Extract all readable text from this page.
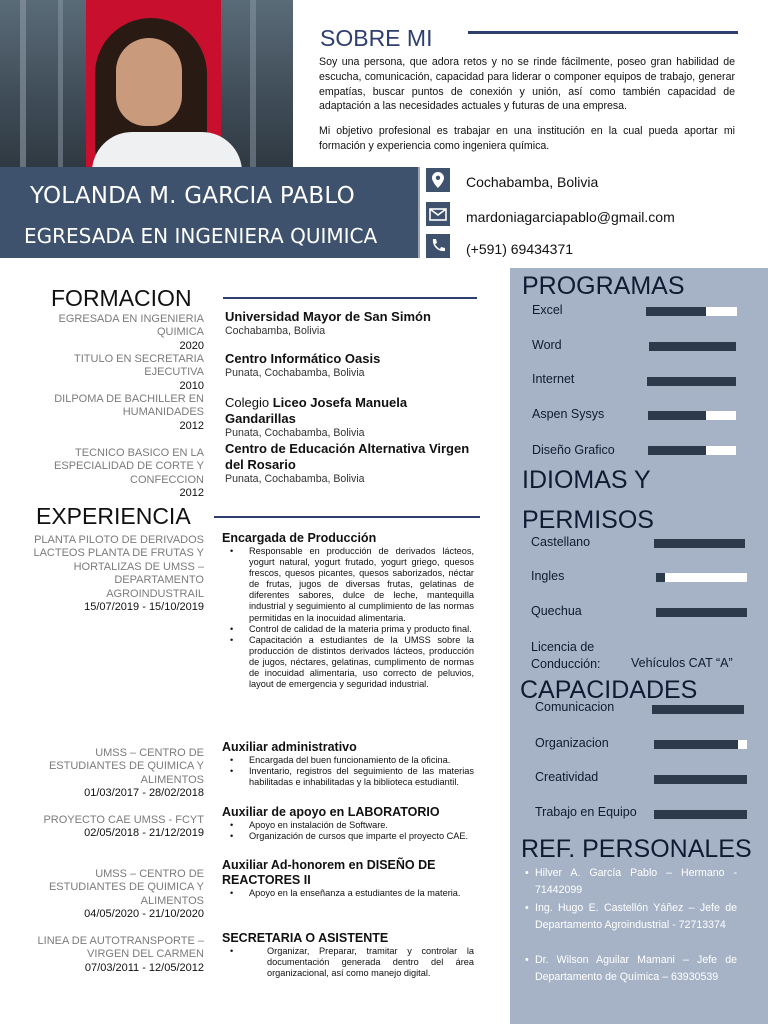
YOLANDA M. GARCIA PABLO
EGRESADA EN INGENIERA QUIMICA
Cochabamba, Bolivia
mardoniagarciapablo@gmail.com
(+591) 69434371
SOBRE MI
Soy una persona, que adora retos y no se rinde fácilmente, poseo gran habilidad de escucha, comunicación, capacidad para liderar o componer equipos de trabajo, generar empatías, buscar puntos de conexión y unión, así como también capacidad de adaptación a las necesidades actuales y futuras de una empresa.
Mi objetivo profesional es trabajar en una institución en la cual pueda aportar mi formación y experiencia como ingeniera química.
FORMACION
EGRESADA EN INGENIERIA QUIMICA
2020
TITULO EN SECRETARIA EJECUTIVA
2010
DILPOMA DE BACHILLER EN HUMANIDADES
2012
TECNICO BASICO EN LA ESPECIALIDAD DE CORTE Y CONFECCION
2012
Universidad Mayor de San Simón
Cochabamba, Bolivia
Centro Informático Oasis
Punata, Cochabamba, Bolivia
Colegio Liceo Josefa Manuela Gandarillas
Punata, Cochabamba, Bolivia
Centro de Educación Alternativa Virgen del Rosario
Punata, Cochabamba, Bolivia
EXPERIENCIA
PLANTA PILOTO DE DERIVADOS LACTEOS PLANTA DE FRUTAS Y HORTALIZAS DE UMSS – DEPARTAMENTO AGROINDUSTRAIL
15/07/2019 - 15/10/2019
UMSS – CENTRO DE ESTUDIANTES DE QUIMICA Y ALIMENTOS
01/03/2017 - 28/02/2018
PROYECTO CAE UMSS - FCYT
02/05/2018 - 21/12/2019
UMSS – CENTRO DE ESTUDIANTES DE QUIMICA Y ALIMENTOS
04/05/2020 - 21/10/2020
LINEA DE AUTOTRANSPORTE – VIRGEN DEL CARMEN
07/03/2011 - 12/05/2012
Encargada de Producción
• Responsable en producción de derivados lácteos, yogurt natural, yogurt frutado, yogurt griego, quesos frescos, quesos picantes, quesos saborizados, néctar de frutas, jugos de diversas frutas, gelatinas de diferentes sabores, dulce de leche, mantequilla industrial y seguimiento al cumplimiento de las normas permitidas en la inocuidad alimentaria.
• Control de calidad de la materia prima y producto final.
• Capacitación a estudiantes de la UMSS sobre la producción de distintos derivados lácteos, producción de jugos, néctares, gelatinas, cumplimento de normas de inocuidad alimentaria, uso correcto de peluvios, layout de emergencia y seguridad industrial.
Auxiliar administrativo
• Encargada del buen funcionamiento de la oficina.
• Inventario, registros del seguimiento de las materias habilitadas e inhabilitadas y la biblioteca estudiantil.
Auxiliar de apoyo en LABORATORIO
• Apoyo en instalación de Software.
• Organización de cursos que imparte el proyecto CAE.
Auxiliar Ad-honorem en DISEÑO DE REACTORES II
• Apoyo en la enseñanza a estudiantes de la materia.
SECRETARIA O ASISTENTE
• Organizar, Preparar, tramitar y controlar la documentación generada dentro del área organizacional, así como manejo digital.
PROGRAMAS
Excel
Word
Internet
Aspen Sysys
Diseño Grafico
IDIOMAS Y
PERMISOS
Castellano
Ingles
Quechua
Licencia de Conducción:	Vehículos CAT “A”
CAPACIDADES
Comunicacion
Organizacion
Creatividad
Trabajo en Equipo
REF. PERSONALES
• Hilver A. García Pablo – Hermano - 71442099
• Ing. Hugo E. Castellón Yáñez – Jefe de Departamento Agroindustrial - 72713374
• Dr. Wilson Aguilar Mamani – Jefe de Departamento de Química – 63930539
